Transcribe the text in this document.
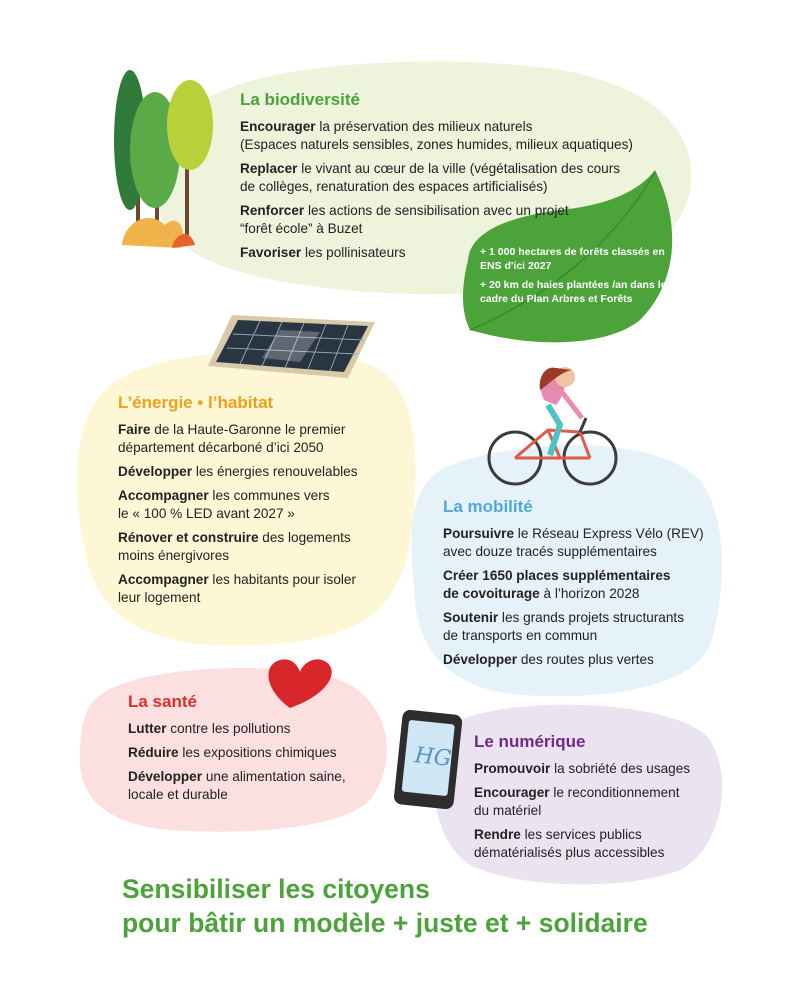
HG
La biodiversité
Encourager la préservation des milieux naturels
(Espaces naturels sensibles, zones humides, milieux aquatiques)
Replacer le vivant au cœur de la ville (végétalisation des cours
de collèges, renaturation des espaces artificialisés)
Renforcer les actions de sensibilisation avec un projet
“forêt école” à Buzet
Favoriser les pollinisateurs	+ 1 000 hectares de forêts classés en ENS d'ici 2027

+ 20 km de haies plantées /an dans le cadre du Plan Arbres et Forêts

L’énergie • l’habitat
Faire de la Haute-Garonne le premier
département décarboné d’ici 2050
Développer les énergies renouvelables
Accompagner les communes vers
le « 100 % LED avant 2027 »
Rénover et construire des logements
moins énergivores
Accompagner les habitants pour isoler
leur logement
La mobilité
Poursuivre le Réseau Express Vélo (REV)
avec douze tracés supplémentaires
Créer 1650 places supplémentaires
de covoiturage à l’horizon 2028
Soutenir les grands projets structurants
de transports en commun
Développer des routes plus vertes
La santé
Lutter contre les pollutions
Réduire les expositions chimiques
Développer une alimentation saine,
locale et durable
Le numérique
Promouvoir la sobriété des usages
Encourager le reconditionnement
du matériel
Rendre les services publics
dématérialisés plus accessibles
Sensibiliser les citoyens
pour bâtir un modèle + juste et + solidaire
